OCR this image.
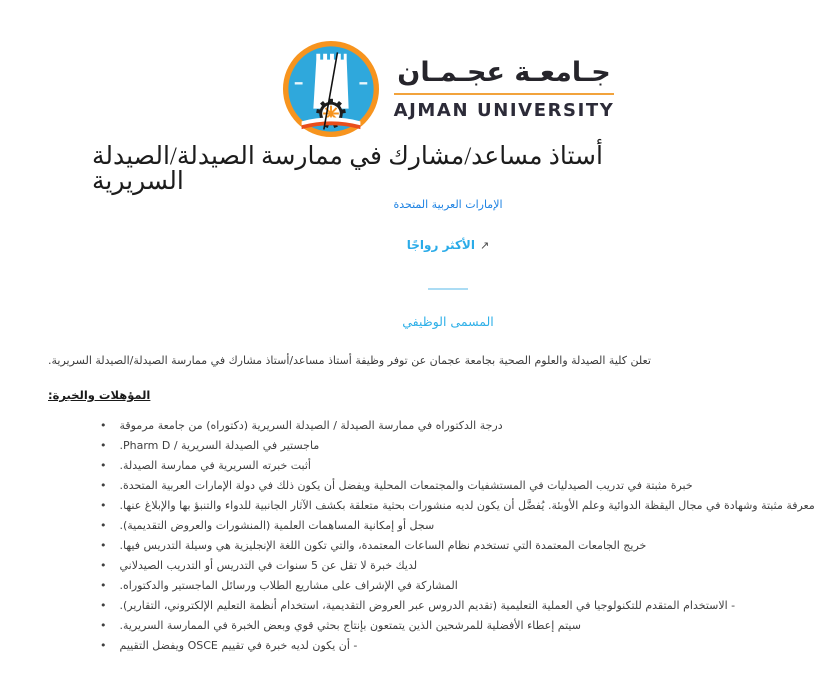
جـامعـة عجـمـان
AJMAN UNIVERSITY
أستاذ مساعد/مشارك في ممارسة الصيدلة/الصيدلة
السريرية
الإمارات العربية المتحدة
الأكثر رواجًا ↗
المسمى الوظيفي
تعلن كلية الصيدلة والعلوم الصحية بجامعة عجمان عن توفر وظيفة أستاذ مساعد/أستاذ مشارك في ممارسة الصيدلة/الصيدلة السريرية.
المؤهلات والخبرة:
•
درجة الدكتوراه في ممارسة الصيدلة / الصيدلة السريرية (دكتوراه) من جامعة مرموقة
•
ماجستير في الصيدلة السريرية / Pharm D.
•
أثبت خبرته السريرية في ممارسة الصيدلة.
•
خبرة مثبتة في تدريب الصيدليات في المستشفيات والمجتمعات المحلية ويفضل أن يكون ذلك في دولة الإمارات العربية المتحدة.
•
معرفة مثبتة وشهادة في مجال اليقظة الدوائية وعلم الأوبئة. يُفضَّل أن يكون لديه منشورات بحثية متعلقة بكشف الآثار الجانبية للدواء والتنبؤ بها والإبلاغ عنها.
•
سجل أو إمكانية المساهمات العلمية (المنشورات والعروض التقديمية).
•
خريج الجامعات المعتمدة التي تستخدم نظام الساعات المعتمدة، والتي تكون اللغة الإنجليزية هي وسيلة التدريس فيها.
•
لديك خبرة لا تقل عن 5 سنوات في التدريس أو التدريب الصيدلاني
•
المشاركة في الإشراف على مشاريع الطلاب ورسائل الماجستير والدكتوراه.
•
- الاستخدام المتقدم للتكنولوجيا في العملية التعليمية (تقديم الدروس عبر العروض التقديمية، استخدام أنظمة التعليم الإلكتروني، التقارير).
•
سيتم إعطاء الأفضلية للمرشحين الذين يتمتعون بإنتاج بحثي قوي وبعض الخبرة في الممارسة السريرية.
•
- أن يكون لديه خبرة في تقييم OSCE ويفضل التقييم
